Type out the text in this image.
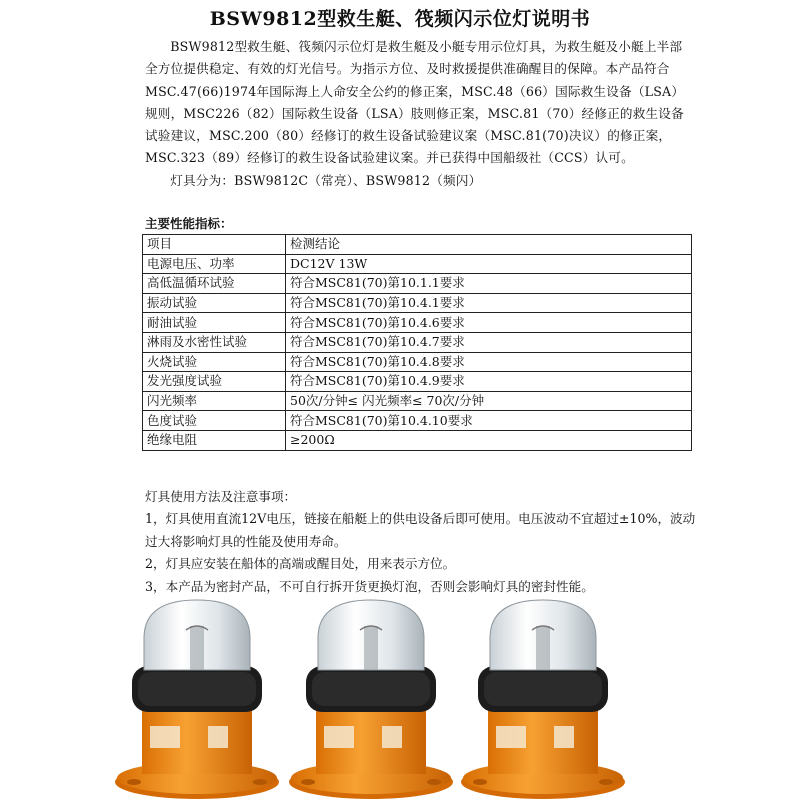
BSW9812型救生艇、筏频闪示位灯说明书

BSW9812型救生艇、筏频闪示位灯是救生艇及小艇专用示位灯具，为救生艇及小艇上半部全方位提供稳定、有效的灯光信号。为指示方位、及时救援提供准确醒目的保障。本产品符合MSC.47(66)1974年国际海上人命安全公约的修正案，MSC.48（66）国际救生设备（LSA）规则，MSC226（82）国际救生设备（LSA）肢则修正案，MSC.81（70）经修正的救生设备试验建议，MSC.200（80）经修订的救生设备试验建议案（MSC.81(70)决议）的修正案，MSC.323（89）经修订的救生设备试验建议案。并已获得中国船级社（CCS）认可。

灯具分为：BSW9812C（常亮）、BSW9812（频闪）

主要性能指标：
项目	检测结论
电源电压、功率	DC12V 13W
高低温循环试验	符合MSC81(70)第10.1.1要求
振动试验	符合MSC81(70)第10.4.1要求
耐油试验	符合MSC81(70)第10.4.6要求
淋雨及水密性试验	符合MSC81(70)第10.4.7要求
火烧试验	符合MSC81(70)第10.4.8要求
发光强度试验	符合MSC81(70)第10.4.9要求
闪光频率	50次/分钟≤ 闪光频率≤ 70次/分钟
色度试验	符合MSC81(70)第10.4.10要求
绝缘电阻	≥200Ω

灯具使用方法及注意事项：

1，灯具使用直流12V电压，链接在船艇上的供电设备后即可使用。电压波动不宜超过±10%，波动过大将影响灯具的性能及使用寿命。

2，灯具应安装在船体的高端或醒目处，用来表示方位。

3，本产品为密封产品，不可自行拆开货更换灯泡，否则会影响灯具的密封性能。
